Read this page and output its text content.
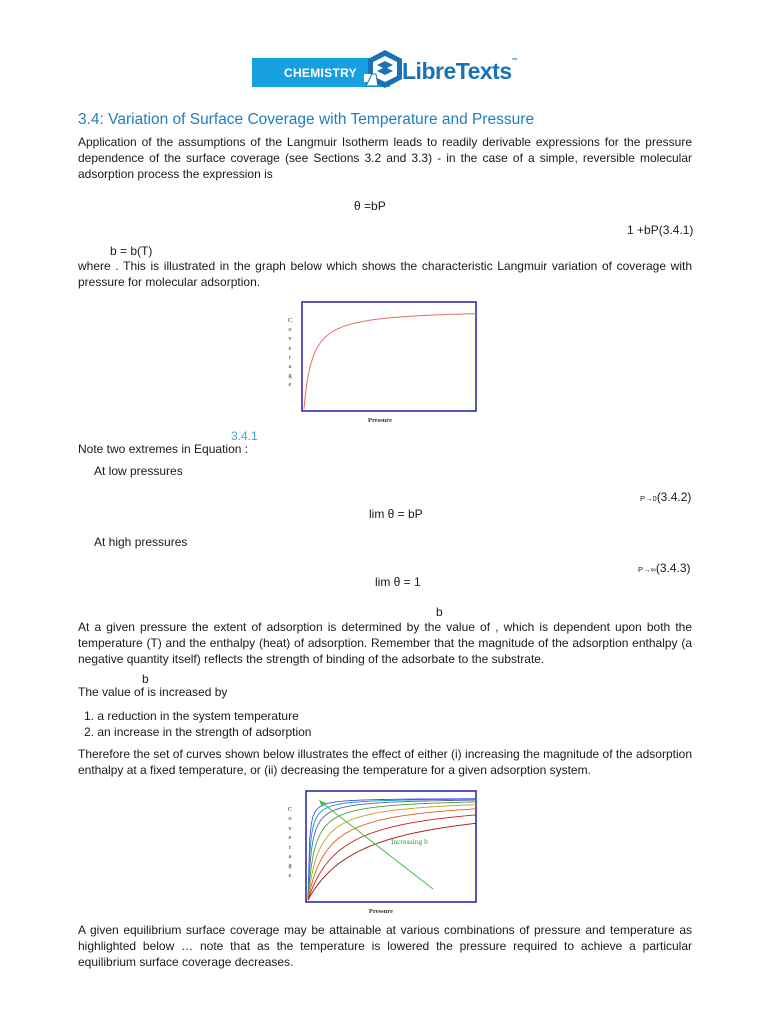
CHEMISTRY LibreTexts™
3.4: Variation of Surface Coverage with Temperature and Pressure
Application of the assumptions of the Langmuir Isotherm leads to readily derivable expressions for the pressure dependence of the surface coverage (see Sections 3.2 and 3.3) - in the case of a simple, reversible molecular adsorption process the expression is
θ =bP
1 +bP(3.4.1)
b = b(T)
where . This is illustrated in the graph below which shows the characteristic Langmuir variation of coverage with pressure for molecular adsorption.
C
o
v
e
r
a
g
e
Pressure
3.4.1
Note two extremes in Equation :
At low pressures
P→0(3.4.2)
lim θ = bP
At high pressures
P→∞(3.4.3)
lim θ = 1
b
At a given pressure the extent of adsorption is determined by the value of , which is dependent upon both the temperature (T) and the enthalpy (heat) of adsorption. Remember that the magnitude of the adsorption enthalpy (a negative quantity itself) reflects the strength of binding of the adsorbate to the substrate.
b
The value of is increased by
1. a reduction in the system temperature
2. an increase in the strength of adsorption
Therefore the set of curves shown below illustrates the effect of either (i) increasing the magnitude of the adsorption enthalpy at a fixed temperature, or (ii) decreasing the temperature for a given adsorption system.
C
o
v
e
r
a
g
e
Increasing b
Pressure
A given equilibrium surface coverage may be attainable at various combinations of pressure and temperature as highlighted below … note that as the temperature is lowered the pressure required to achieve a particular equilibrium surface coverage decreases.
